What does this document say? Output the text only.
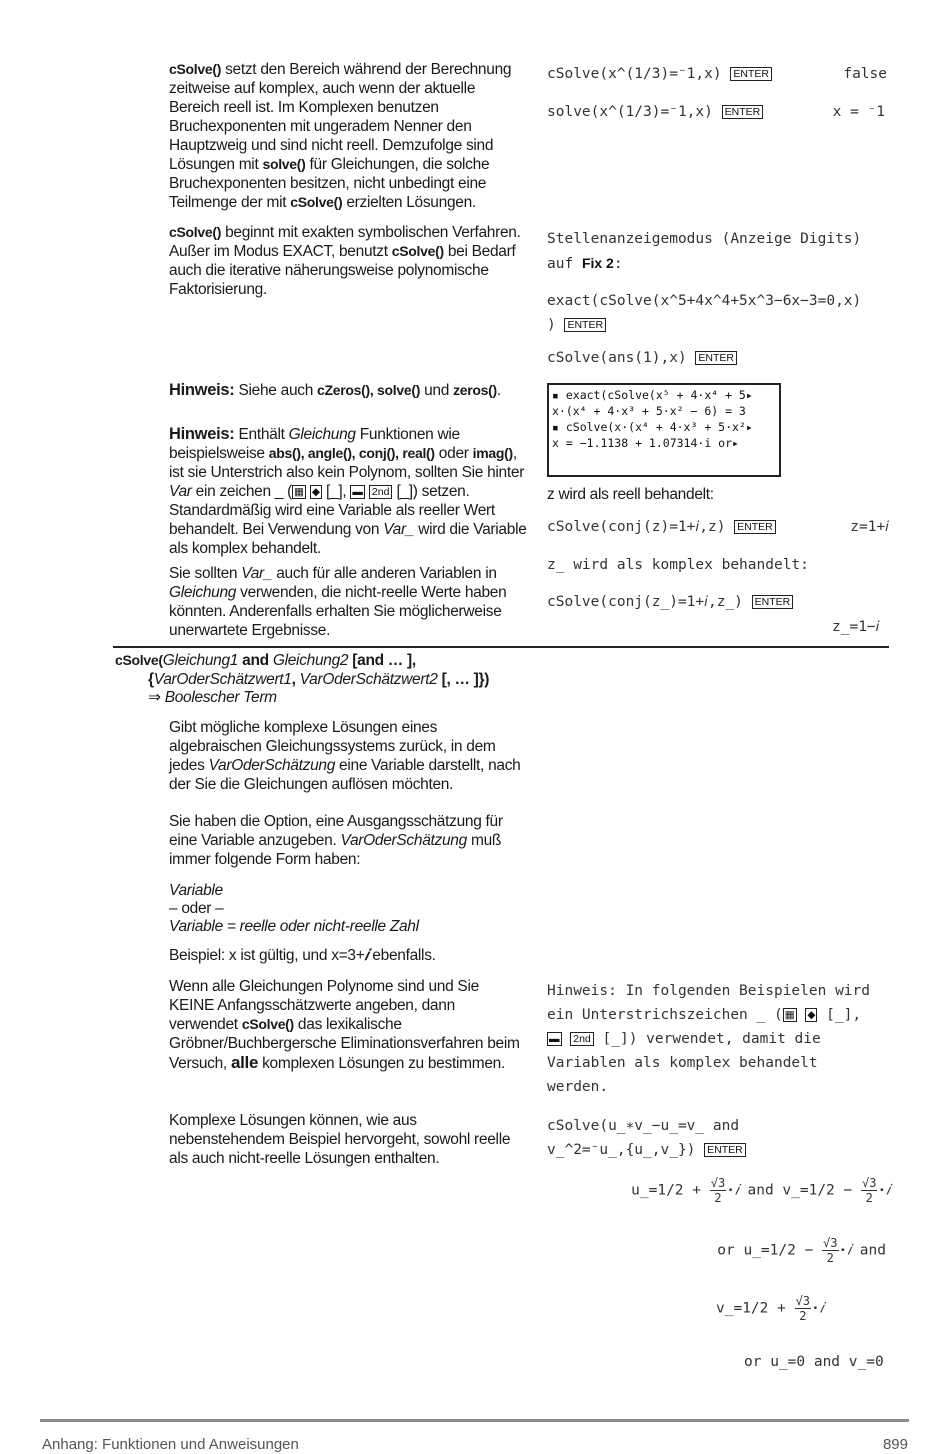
cSolve() setzt den Bereich während der Berechnung zeitweise auf komplex, auch wenn der aktuelle Bereich reell ist. Im Komplexen benutzen Bruchexponenten mit ungeradem Nenner den Hauptzweig und sind nicht reell. Demzufolge sind Lösungen mit solve() für Gleichungen, die solche Bruchexponenten besitzen, nicht unbedingt eine Teilmenge der mit cSolve() erzielten Lösungen.

cSolve() beginnt mit exakten symbolischen Verfahren. Außer im Modus EXACT, benutzt cSolve() bei Bedarf auch die iterative näherungsweise polynomische Faktorisierung.

Hinweis: Siehe auch cZeros(), solve() und zeros().

Hinweis: Enthält Gleichung Funktionen wie beispielsweise abs(), angle(), conj(), real() oder imag(), ist sie Unterstrich also kein Polynom, sollten Sie hinter Var ein zeichen _ ( ▦ ◆ [_], ▬ 2nd [_]) setzen. Standardmäßig wird eine Variable als reeller Wert behandelt. Bei Verwendung von Var_ wird die Variable als komplex behandelt.

Sie sollten Var_ auch für alle anderen Variablen in Gleichung verwenden, die nicht-reelle Werte haben könnten. Anderenfalls erhalten Sie möglicherweise unerwartete Ergebnisse.

cSolve(x^(1/3)=⁻1,x) ENTER	false
solve(x^(1/3)=⁻1,x) ENTER	x = ⁻1
Stellenanzeigemodus (Anzeige Digits)
auf Fix 2:
exact(cSolve(x^5+4x^4+5x^3−6x−3=0,x)
) ENTER
cSolve(ans(1),x) ENTER
▪ exact(cSolve(x⁵ + 4·x⁴ + 5▸
x·(x⁴ + 4·x³ + 5·x² − 6) = 3
▪ cSolve(x·(x⁴ + 4·x³ + 5·x²▸
x = −1.1138 + 1.07314·i or▸
z wird als reell behandelt:
cSolve(conj(z)=1+𝑖,z) ENTER	z=1+𝑖
z_ wird als komplex behandelt:
cSolve(conj(z_)=1+𝑖,z_) ENTER
z_=1−𝑖
cSolve(Gleichung1 and Gleichung2 [and … ],
{VarOderSchätzwert1, VarOderSchätzwert2 [, … ]})
⇒ Boolescher Term

Gibt mögliche komplexe Lösungen eines algebraischen Gleichungssystems zurück, in dem jedes VarOderSchätzung eine Variable darstellt, nach der Sie die Gleichungen auflösen möchten.

Sie haben die Option, eine Ausgangsschätzung für eine Variable anzugeben. VarOderSchätzung muß immer folgende Form haben:

Variable
– oder –
Variable = reelle oder nicht-reelle Zahl
Beispiel: x ist gültig, und x=3+𝑖 ebenfalls.

Wenn alle Gleichungen Polynome sind und Sie KEINE Anfangsschätzwerte angeben, dann verwendet cSolve() das lexikalische Gröbner/Buchbergersche Eliminationsverfahren beim Versuch, alle komplexen Lösungen zu bestimmen.

Komplexe Lösungen können, wie aus nebenstehendem Beispiel hervorgeht, sowohl reelle als auch nicht-reelle Lösungen enthalten.

Hinweis: In folgenden Beispielen wird
ein Unterstrichszeichen _ ( ▦ ◆ [_],
▬ 2nd [_]) verwendet, damit die
Variablen als komplex behandelt
werden.
cSolve(u_∗v_−u_=v_ and
v_^2=⁻u_,{u_,v_}) ENTER
u_=1/2 + $\frac{√3}{2}$ ·𝑖 and v_=1/2 − $\frac{√3}{2}$ ·𝑖
or u_=1/2 − $\frac{√3}{2}$ ·𝑖 and
v_=1/2 + $\frac{√3}{2}$ ·𝑖
or u_=0 and v_=0
Anhang: Funktionen und Anweisungen	899
